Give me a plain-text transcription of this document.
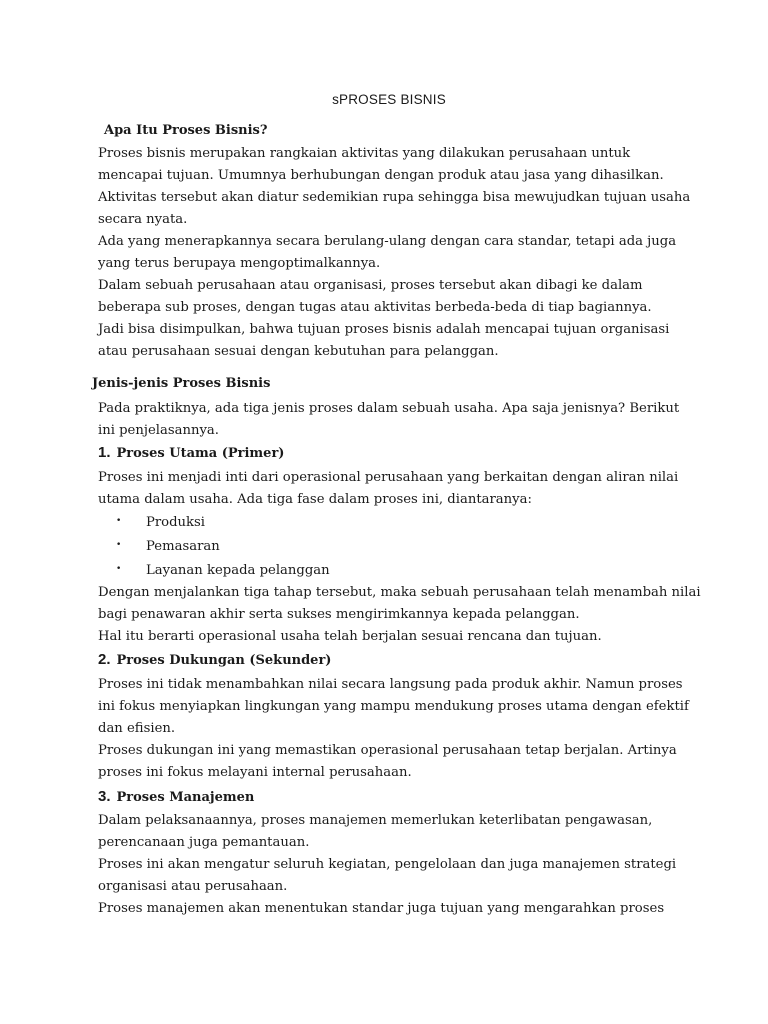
sPROSES BISNIS
Apa Itu Proses Bisnis?
Proses bisnis merupakan rangkaian aktivitas yang dilakukan perusahaan untuk
mencapai tujuan. Umumnya berhubungan dengan produk atau jasa yang dihasilkan.
Aktivitas tersebut akan diatur sedemikian rupa sehingga bisa mewujudkan tujuan usaha
secara nyata.
Ada yang menerapkannya secara berulang-ulang dengan cara standar, tetapi ada juga
yang terus berupaya mengoptimalkannya.
Dalam sebuah perusahaan atau organisasi, proses tersebut akan dibagi ke dalam
beberapa sub proses, dengan tugas atau aktivitas berbeda-beda di tiap bagiannya.
Jadi bisa disimpulkan, bahwa tujuan proses bisnis adalah mencapai tujuan organisasi
atau perusahaan sesuai dengan kebutuhan para pelanggan.
Jenis-jenis Proses Bisnis
Pada praktiknya, ada tiga jenis proses dalam sebuah usaha. Apa saja jenisnya? Berikut
ini penjelasannya.
1. Proses Utama (Primer)
Proses ini menjadi inti dari operasional perusahaan yang berkaitan dengan aliran nilai
utama dalam usaha. Ada tiga fase dalam proses ini, diantaranya:
•	Produksi
•	Pemasaran
•	Layanan kepada pelanggan
Dengan menjalankan tiga tahap tersebut, maka sebuah perusahaan telah menambah nilai
bagi penawaran akhir serta sukses mengirimkannya kepada pelanggan.
Hal itu berarti operasional usaha telah berjalan sesuai rencana dan tujuan.
2. Proses Dukungan (Sekunder)
Proses ini tidak menambahkan nilai secara langsung pada produk akhir. Namun proses
ini fokus menyiapkan lingkungan yang mampu mendukung proses utama dengan efektif
dan efisien.
Proses dukungan ini yang memastikan operasional perusahaan tetap berjalan. Artinya
proses ini fokus melayani internal perusahaan.
3. Proses Manajemen
Dalam pelaksanaannya, proses manajemen memerlukan keterlibatan pengawasan,
perencanaan juga pemantauan.
Proses ini akan mengatur seluruh kegiatan, pengelolaan dan juga manajemen strategi
organisasi atau perusahaan.
Proses manajemen akan menentukan standar juga tujuan yang mengarahkan proses
